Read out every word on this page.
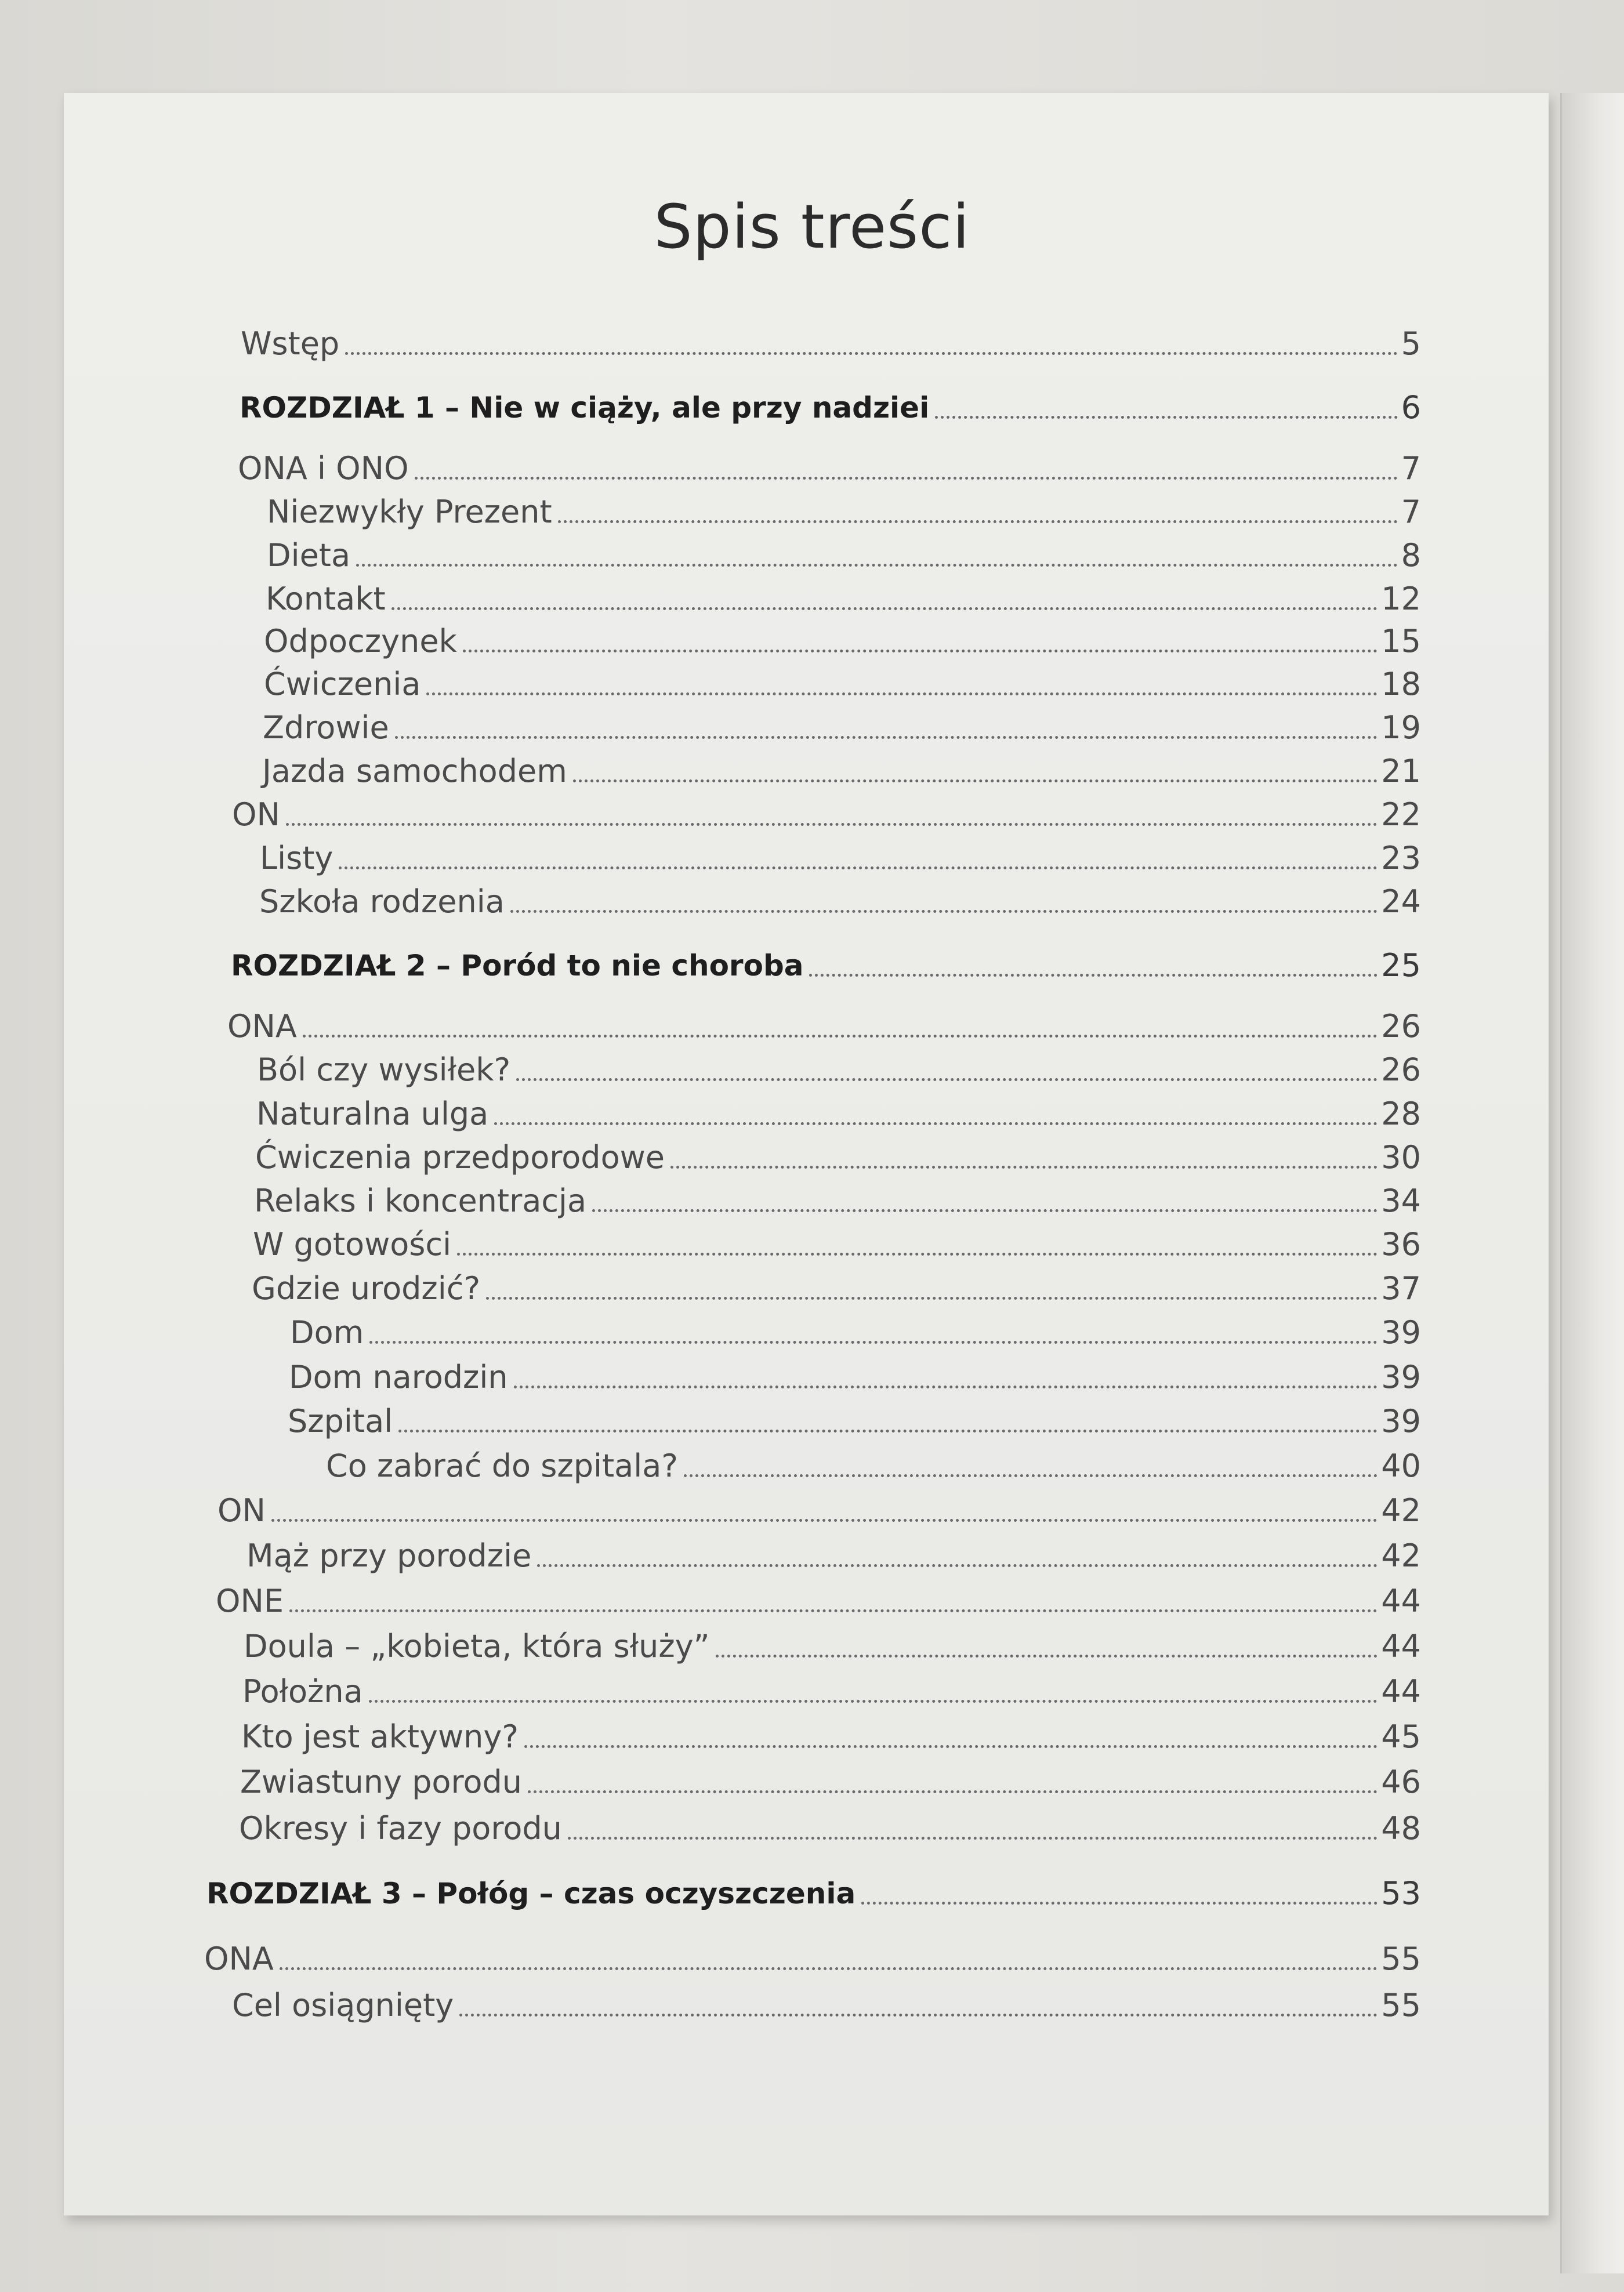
Spis treści
Wstęp	5
ROZDZIAŁ 1 – Nie w ciąży, ale przy nadziei	6
ONA i ONO	7
Niezwykły Prezent	7
Dieta	8
Kontakt	12
Odpoczynek	15
Ćwiczenia	18
Zdrowie	19
Jazda samochodem	21
ON	22
Listy	23
Szkoła rodzenia	24
ROZDZIAŁ 2 – Poród to nie choroba	25
ONA	26
Ból czy wysiłek?	26
Naturalna ulga	28
Ćwiczenia przedporodowe	30
Relaks i koncentracja	34
W gotowości	36
Gdzie urodzić?	37
Dom	39
Dom narodzin	39
Szpital	39
Co zabrać do szpitala?	40
ON	42
Mąż przy porodzie	42
ONE	44
Doula – „kobieta, która służy”	44
Położna	44
Kto jest aktywny?	45
Zwiastuny porodu	46
Okresy i fazy porodu	48
ROZDZIAŁ 3 – Połóg – czas oczyszczenia	53
ONA	55
Cel osiągnięty	55
